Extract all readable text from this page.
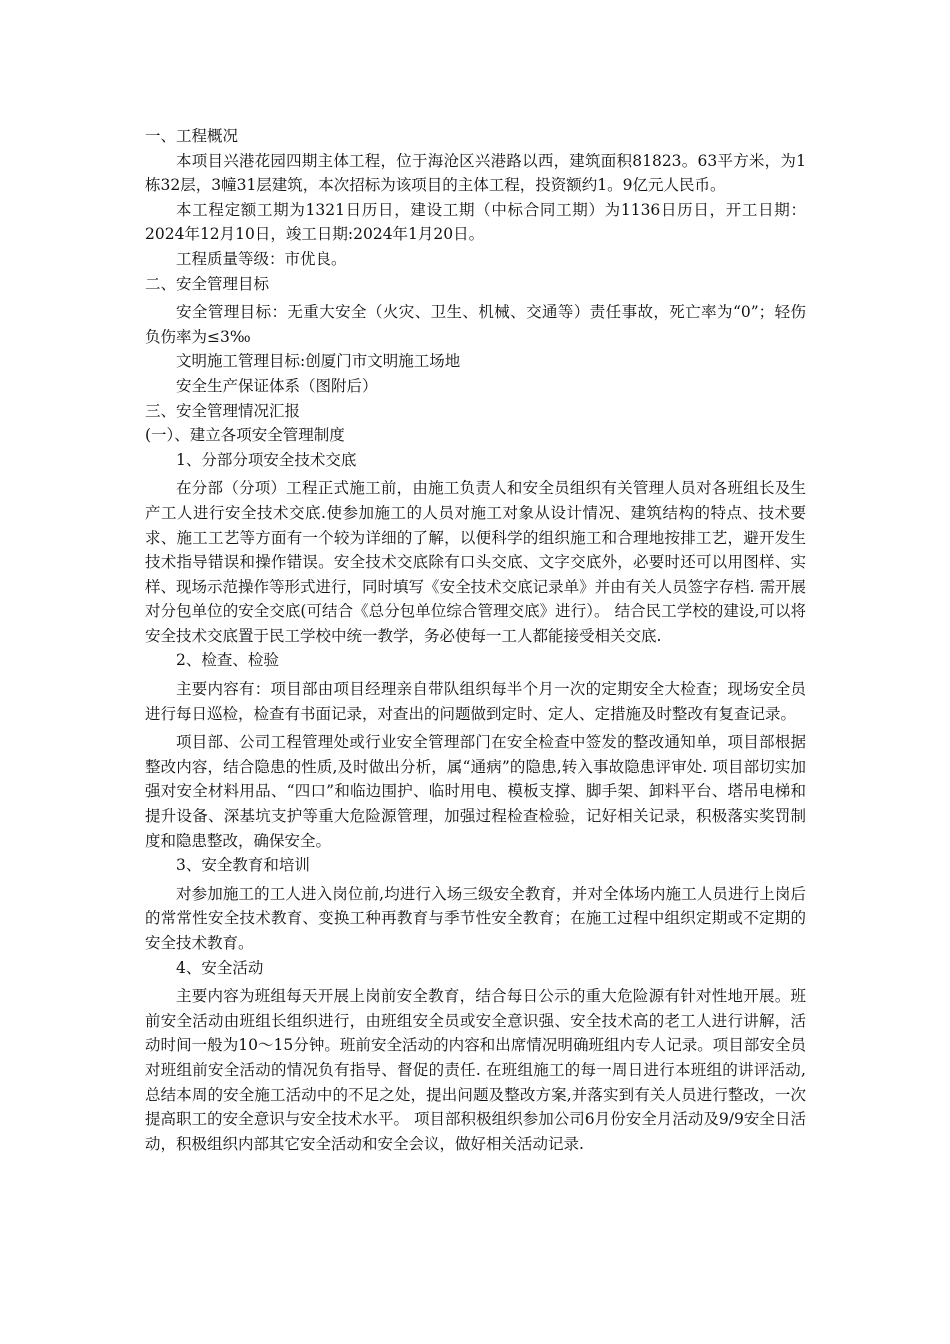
一、工程概况

本项目兴港花园四期主体工程，位于海沧区兴港路以西，建筑面积81823。63平方米，为1栋32层，3幢31层建筑，本次招标为该项目的主体工程，投资额约1。9亿元人民币。

本工程定额工期为1321日历日，建设工期（中标合同工期）为1136日历日，开工日期：2024年12月10日，竣工日期:2024年1月20日。

工程质量等级：市优良。

二、安全管理目标

安全管理目标：无重大安全（火灾、卫生、机械、交通等）责任事故，死亡率为“0”；轻伤负伤率为≤3‰

文明施工管理目标:创厦门市文明施工场地

安全生产保证体系（图附后）

三、安全管理情况汇报

(一）、建立各项安全管理制度

1、分部分项安全技术交底

在分部（分项）工程正式施工前，由施工负责人和安全员组织有关管理人员对各班组长及生产工人进行安全技术交底.使参加施工的人员对施工对象从设计情况、建筑结构的特点、技术要求、施工工艺等方面有一个较为详细的了解，以便科学的组织施工和合理地按排工艺，避开发生技术指导错误和操作错误。安全技术交底除有口头交底、文字交底外，必要时还可以用图样、实样、现场示范操作等形式进行，同时填写《安全技术交底记录单》并由有关人员签字存档. 需开展对分包单位的安全交底(可结合《总分包单位综合管理交底》进行）。 结合民工学校的建设,可以将安全技术交底置于民工学校中统一教学，务必使每一工人都能接受相关交底.

2、检查、检验

主要内容有：项目部由项目经理亲自带队组织每半个月一次的定期安全大检查；现场安全员进行每日巡检，检查有书面记录，对查出的问题做到定时、定人、定措施及时整改有复查记录。

项目部、公司工程管理处或行业安全管理部门在安全检查中签发的整改通知单，项目部根据整改内容，结合隐患的性质,及时做出分析，属“通病”的隐患,转入事故隐患评审处. 项目部切实加强对安全材料用品、“四口”和临边围护、临时用电、模板支撑、脚手架、卸料平台、塔吊电梯和提升设备、深基坑支护等重大危险源管理，加强过程检查检验，记好相关记录，积极落实奖罚制度和隐患整改，确保安全。

3、安全教育和培训

对参加施工的工人进入岗位前,均进行入场三级安全教育，并对全体场内施工人员进行上岗后的常常性安全技术教育、变换工种再教育与季节性安全教育；在施工过程中组织定期或不定期的安全技术教育。

4、安全活动

主要内容为班组每天开展上岗前安全教育，结合每日公示的重大危险源有针对性地开展。班前安全活动由班组长组织进行，由班组安全员或安全意识强、安全技术高的老工人进行讲解，活动时间一般为10～15分钟。班前安全活动的内容和出席情况明确班组内专人记录。项目部安全员对班组前安全活动的情况负有指导、督促的责任. 在班组施工的每一周日进行本班组的讲评活动,总结本周的安全施工活动中的不足之处，提出问题及整改方案,并落实到有关人员进行整改，一次提高职工的安全意识与安全技术水平。 项目部积极组织参加公司6月份安全月活动及9/9安全日活动，积极组织内部其它安全活动和安全会议，做好相关活动记录.
